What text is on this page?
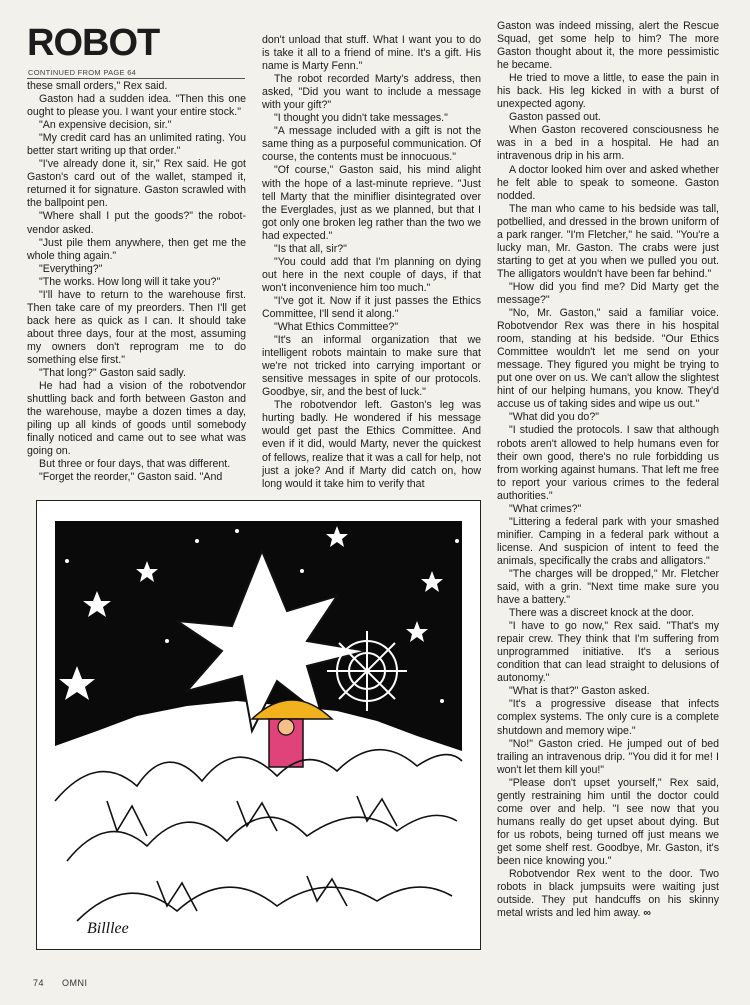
ROBOT
CONTINUED FROM PAGE 64

these small orders," Rex said.

Gaston had a sudden idea. "Then this one ought to please you. I want your entire stock."

"An expensive decision, sir."

"My credit card has an unlimited rating. You better start writing up that order."

"I've already done it, sir," Rex said. He got Gaston's card out of the wallet, stamped it, returned it for signature. Gaston scrawled with the ballpoint pen.

"Where shall I put the goods?" the robot-vendor asked.

"Just pile them anywhere, then get me the whole thing again."

"Everything?"

"The works. How long will it take you?"

"I'll have to return to the warehouse first. Then take care of my preorders. Then I'll get back here as quick as I can. It should take about three days, four at the most, assuming my owners don't reprogram me to do something else first."

"That long?" Gaston said sadly.

He had had a vision of the robotvendor shuttling back and forth between Gaston and the warehouse, maybe a dozen times a day, piling up all kinds of goods until somebody finally noticed and came out to see what was going on.

But three or four days, that was different.

"Forget the reorder," Gaston said. "And

don't unload that stuff. What I want you to do is take it all to a friend of mine. It's a gift. His name is Marty Fenn."

The robot recorded Marty's address, then asked, "Did you want to include a message with your gift?"

"I thought you didn't take messages."

"A message included with a gift is not the same thing as a purposeful communication. Of course, the contents must be innocuous."

"Of course," Gaston said, his mind alight with the hope of a last-minute reprieve. "Just tell Marty that the miniflier disintegrated over the Everglades, just as we planned, but that I got only one broken leg rather than the two we had expected."

"Is that all, sir?"

"You could add that I'm planning on dying out here in the next couple of days, if that won't inconvenience him too much."

"I've got it. Now if it just passes the Ethics Committee, I'll send it along."

"What Ethics Committee?"

"It's an informal organization that we intelligent robots maintain to make sure that we're not tricked into carrying important or sensitive messages in spite of our protocols. Goodbye, sir, and the best of luck."

The robotvendor left. Gaston's leg was hurting badly. He wondered if his message would get past the Ethics Committee. And even if it did, would Marty, never the quickest of fellows, realize that it was a call for help, not just a joke? And if Marty did catch on, how long would it take him to verify that

Gaston was indeed missing, alert the Rescue Squad, get some help to him? The more Gaston thought about it, the more pessimistic he became.

He tried to move a little, to ease the pain in his back. His leg kicked in with a burst of unexpected agony.

Gaston passed out.

When Gaston recovered consciousness he was in a bed in a hospital. He had an intravenous drip in his arm.

A doctor looked him over and asked whether he felt able to speak to someone. Gaston nodded.

The man who came to his bedside was tall, potbellied, and dressed in the brown uniform of a park ranger. "I'm Fletcher," he said. "You're a lucky man, Mr. Gaston. The crabs were just starting to get at you when we pulled you out. The alligators wouldn't have been far behind."

"How did you find me? Did Marty get the message?"

"No, Mr. Gaston," said a familiar voice. Robotvendor Rex was there in his hospital room, standing at his bedside. "Our Ethics Committee wouldn't let me send on your message. They figured you might be trying to put one over on us. We can't allow the slightest hint of our helping humans, you know. They'd accuse us of taking sides and wipe us out."

"What did you do?"

"I studied the protocols. I saw that although robots aren't allowed to help humans even for their own good, there's no rule forbidding us from working against humans. That left me free to report your various crimes to the federal authorities."

"What crimes?"

"Littering a federal park with your smashed minifier. Camping in a federal park without a license. And suspicion of intent to feed the animals, specifically the crabs and alligators."

"The charges will be dropped," Mr. Fletcher said, with a grin. "Next time make sure you have a battery."

There was a discreet knock at the door.

"I have to go now," Rex said. "That's my repair crew. They think that I'm suffering from unprogrammed initiative. It's a serious condition that can lead straight to delusions of autonomy."

"What is that?" Gaston asked.

"It's a progressive disease that infects complex systems. The only cure is a complete shutdown and memory wipe."

"No!" Gaston cried. He jumped out of bed trailing an intravenous drip. "You did it for me! I won't let them kill you!"

"Please don't upset yourself," Rex said, gently restraining him until the doctor could come over and help. "I see now that you humans really do get upset about dying. But for us robots, being turned off just means we get some shelf rest. Goodbye, Mr. Gaston, it's been nice knowing you."

Robotvendor Rex went to the door. Two robots in black jumpsuits were waiting just outside. They put handcuffs on his skinny metal wrists and led him away. ∞

Billlee
74 OMNI
